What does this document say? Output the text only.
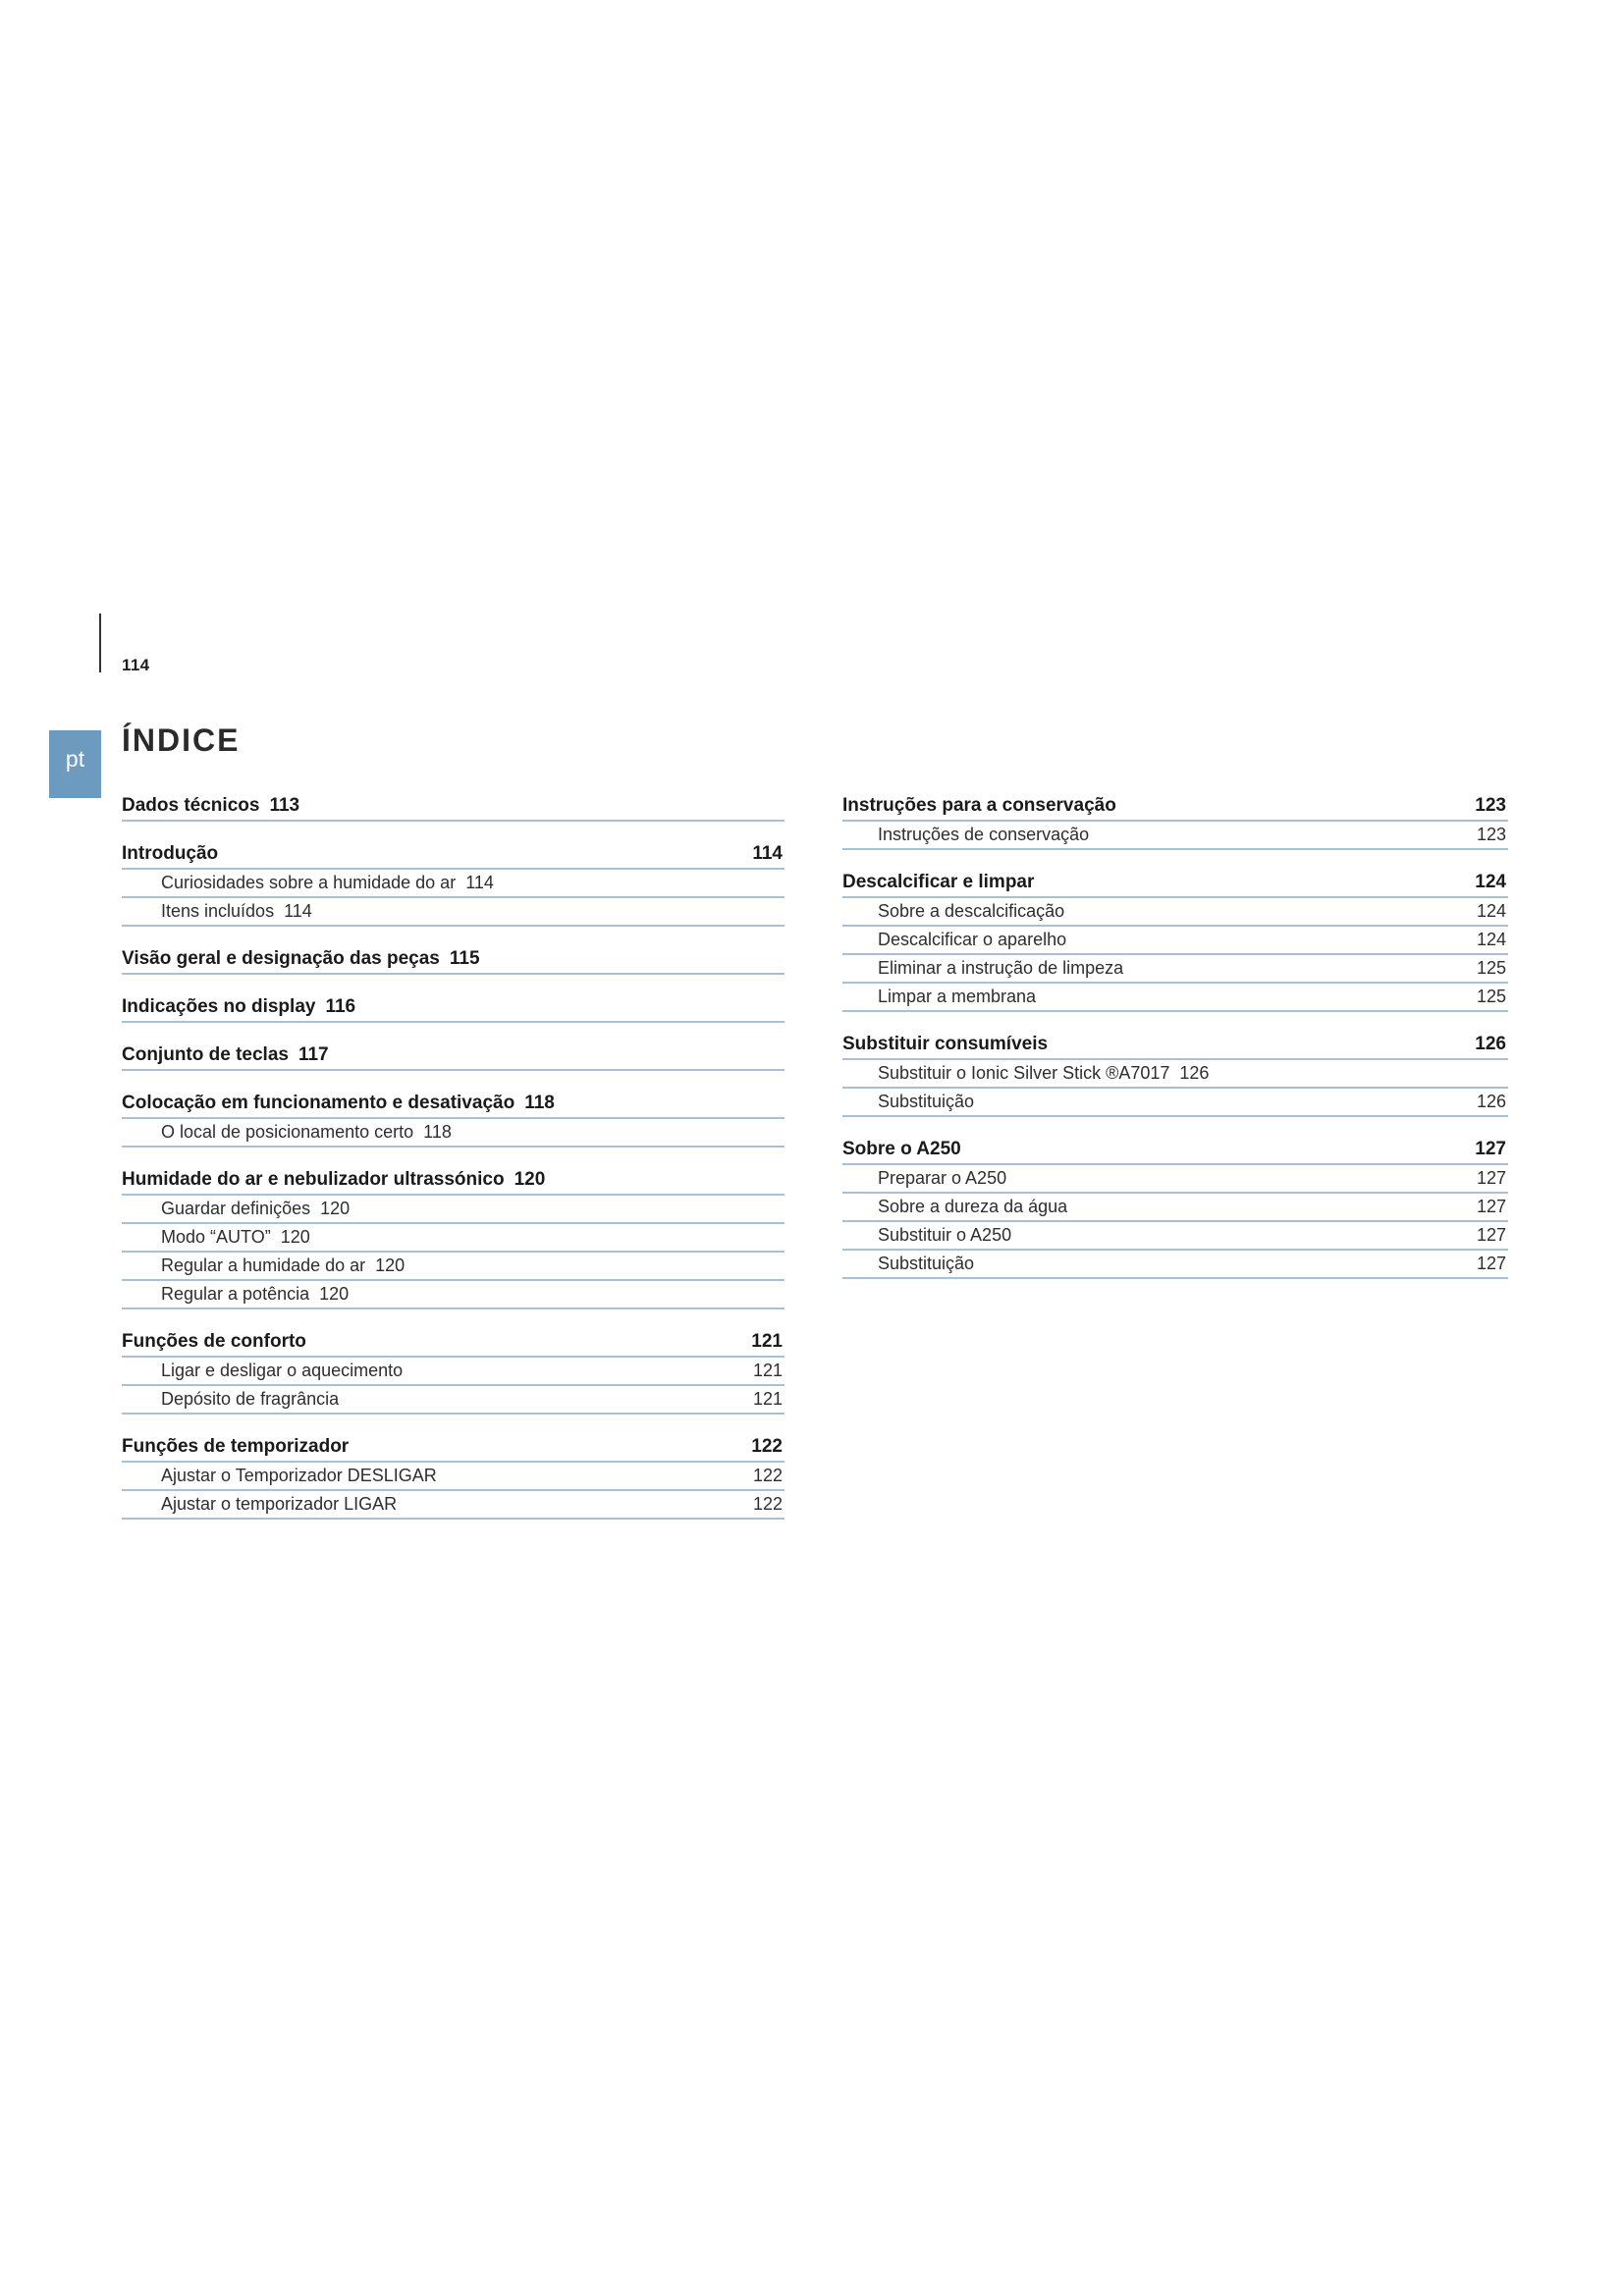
114
pt
ÍNDICE
Dados técnicos 113
Introdução	114
Curiosidades sobre a humidade do ar 114
Itens incluídos 114
Visão geral e designação das peças 115
Indicações no display 116
Conjunto de teclas 117
Colocação em funcionamento e desativação 118
O local de posicionamento certo 118
Humidade do ar e nebulizador ultrassónico 120
Guardar definições 120
Modo “AUTO” 120
Regular a humidade do ar 120
Regular a potência 120
Funções de conforto	121
Ligar e desligar o aquecimento	121
Depósito de fragrância	121
Funções de temporizador	122
Ajustar o Temporizador DESLIGAR	122
Ajustar o temporizador LIGAR	122
Instruções para a conservação	123
Instruções de conservação	123
Descalcificar e limpar	124
Sobre a descalcificação	124
Descalcificar o aparelho	124
Eliminar a instrução de limpeza	125
Limpar a membrana	125
Substituir consumíveis	126
Substituir o Ionic Silver Stick ®A7017 126
Substituição	126
Sobre o A250	127
Preparar o A250	127
Sobre a dureza da água	127
Substituir o A250	127
Substituição	127
